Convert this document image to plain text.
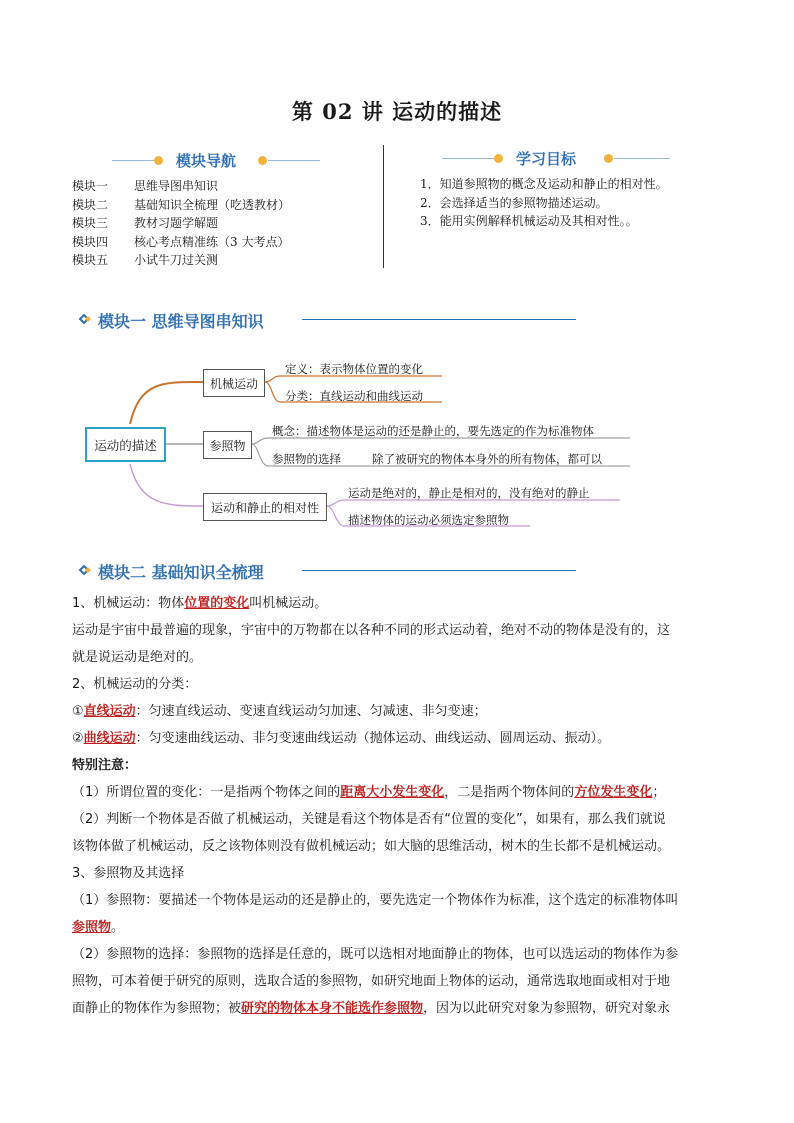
第 02 讲 运动的描述
模块导航
模块一 思维导图串知识
模块二 基础知识全梳理（吃透教材）
模块三 教材习题学解题
模块四 核心考点精准练（3 大考点）
模块五 小试牛刀过关测
学习目标
1．知道参照物的概念及运动和静止的相对性。
2．会选择适当的参照物描述运动。
3．能用实例解释机械运动及其相对性。。
模块一 思维导图串知识
运动的描述
机械运动
参照物
运动和静止的相对性
定义：表示物体位置的变化
分类：直线运动和曲线运动
概念：描述物体是运动的还是静止的，要先选定的作为标准物体
参照物的选择	除了被研究的物体本身外的所有物体，都可以
运动是绝对的，静止是相对的，没有绝对的静止
描述物体的运动必须选定参照物
模块二 基础知识全梳理

1、机械运动：物体位置的变化叫机械运动。

运动是宇宙中最普遍的现象，宇宙中的万物都在以各种不同的形式运动着，绝对不动的物体是没有的，这

就是说运动是绝对的。

2、机械运动的分类：

①直线运动：匀速直线运动、变速直线运动匀加速、匀减速、非匀变速；

②曲线运动：匀变速曲线运动、非匀变速曲线运动（抛体运动、曲线运动、圆周运动、振动）。

特别注意：

（1）所谓位置的变化：一是指两个物体之间的距离大小发生变化，二是指两个物体间的方位发生变化；

（2）判断一个物体是否做了机械运动，关键是看这个物体是否有“位置的变化”，如果有，那么我们就说

该物体做了机械运动，反之该物体则没有做机械运动；如大脑的思维活动，树木的生长都不是机械运动。

3、参照物及其选择

（1）参照物：要描述一个物体是运动的还是静止的，要先选定一个物体作为标准，这个选定的标准物体叫

参照物。

（2）参照物的选择：参照物的选择是任意的，既可以选相对地面静止的物体，也可以选运动的物体作为参

照物，可本着便于研究的原则，选取合适的参照物，如研究地面上物体的运动，通常选取地面或相对于地

面静止的物体作为参照物；被研究的物体本身不能选作参照物，因为以此研究对象为参照物，研究对象永
